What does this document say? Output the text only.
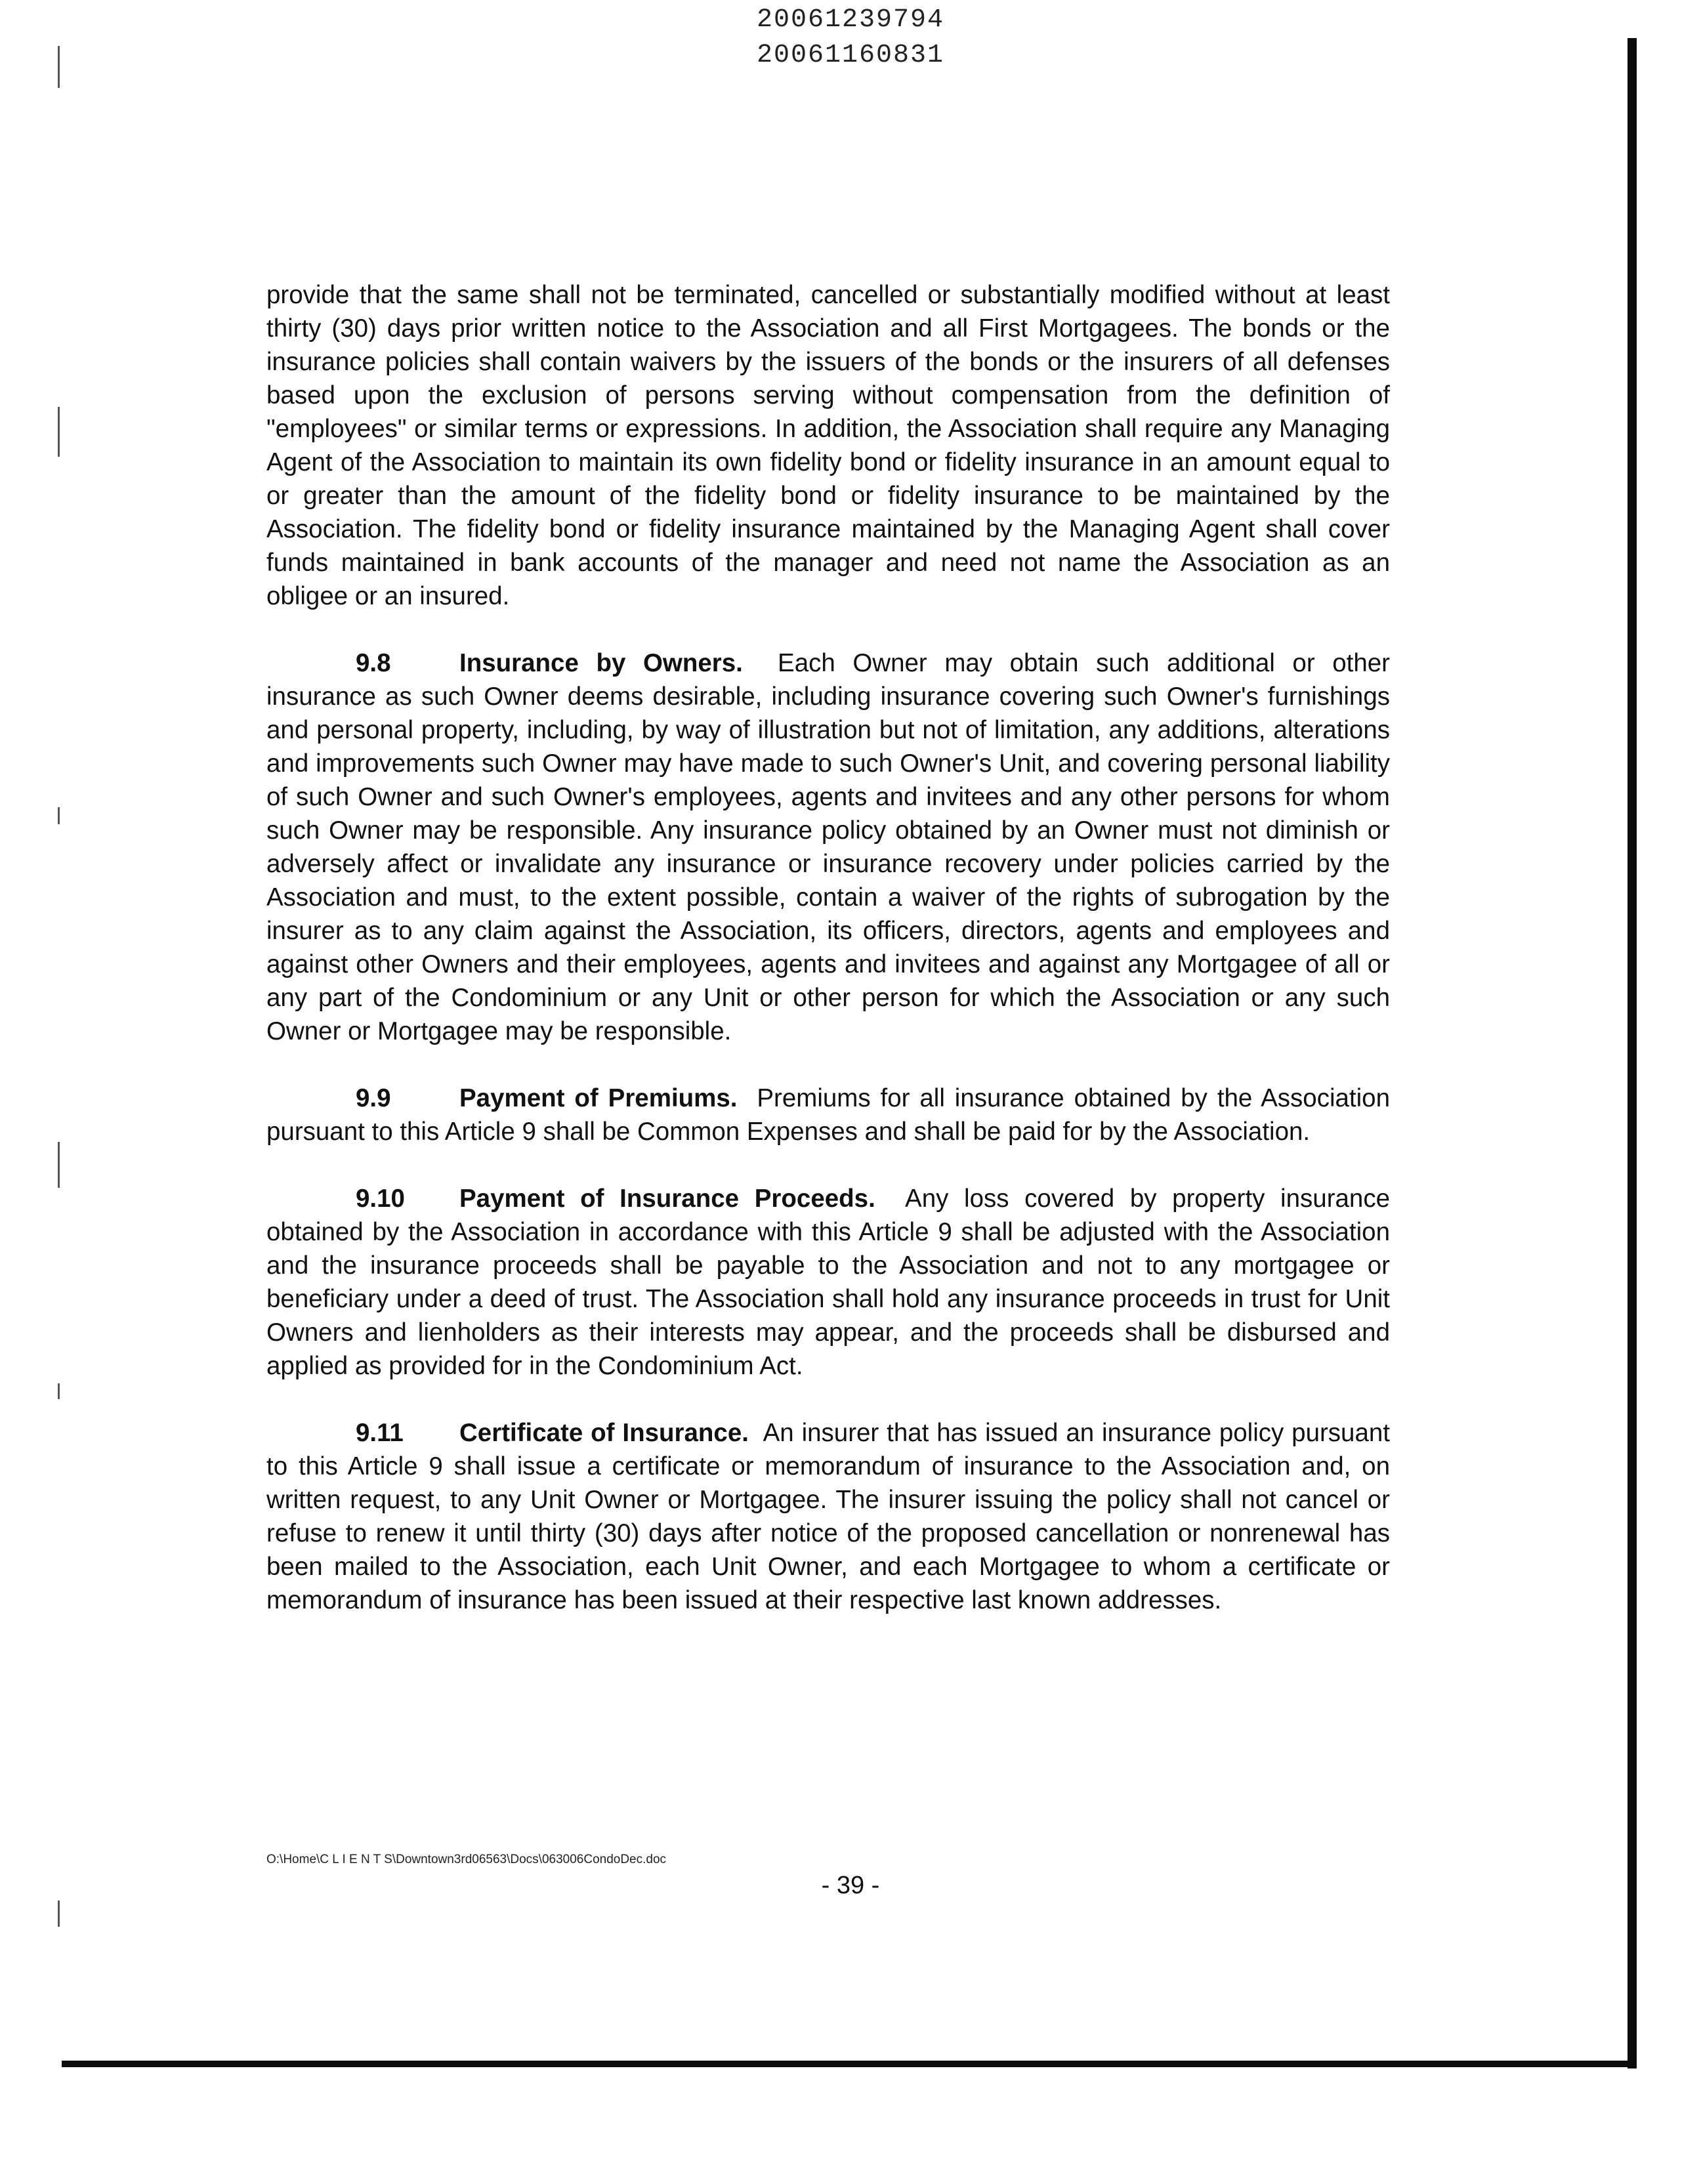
20061239794
20061160831

provide that the same shall not be terminated, cancelled or substantially modified without at least thirty (30) days prior written notice to the Association and all First Mortgagees. The bonds or the insurance policies shall contain waivers by the issuers of the bonds or the insurers of all defenses based upon the exclusion of persons serving without compensation from the definition of "employees" or similar terms or expressions. In addition, the Association shall require any Managing Agent of the Association to maintain its own fidelity bond or fidelity insurance in an amount equal to or greater than the amount of the fidelity bond or fidelity insurance to be maintained by the Association. The fidelity bond or fidelity insurance maintained by the Managing Agent shall cover funds maintained in bank accounts of the manager and need not name the Association as an obligee or an insured.

9.8	Insurance by Owners. Each Owner may obtain such additional or other insurance as such Owner deems desirable, including insurance covering such Owner's furnishings and personal property, including, by way of illustration but not of limitation, any additions, alterations and improvements such Owner may have made to such Owner's Unit, and covering personal liability of such Owner and such Owner's employees, agents and invitees and any other persons for whom such Owner may be responsible. Any insurance policy obtained by an Owner must not diminish or adversely affect or invalidate any insurance or insurance recovery under policies carried by the Association and must, to the extent possible, contain a waiver of the rights of subrogation by the insurer as to any claim against the Association, its officers, directors, agents and employees and against other Owners and their employees, agents and invitees and against any Mortgagee of all or any part of the Condominium or any Unit or other person for which the Association or any such Owner or Mortgagee may be responsible.

9.9	Payment of Premiums. Premiums for all insurance obtained by the Association pursuant to this Article 9 shall be Common Expenses and shall be paid for by the Association.

9.10 Payment of Insurance Proceeds. Any loss covered by property insurance obtained by the Association in accordance with this Article 9 shall be adjusted with the Association and the insurance proceeds shall be payable to the Association and not to any mortgagee or beneficiary under a deed of trust. The Association shall hold any insurance proceeds in trust for Unit Owners and lienholders as their interests may appear, and the proceeds shall be disbursed and applied as provided for in the Condominium Act.

9.11 Certificate of Insurance. An insurer that has issued an insurance policy pursuant to this Article 9 shall issue a certificate or memorandum of insurance to the Association and, on written request, to any Unit Owner or Mortgagee. The insurer issuing the policy shall not cancel or refuse to renew it until thirty (30) days after notice of the proposed cancellation or nonrenewal has been mailed to the Association, each Unit Owner, and each Mortgagee to whom a certificate or memorandum of insurance has been issued at their respective last known addresses.

O:\Home\C L I E N T S\Downtown3rd06563\Docs\063006CondoDec.doc
- 39 -
